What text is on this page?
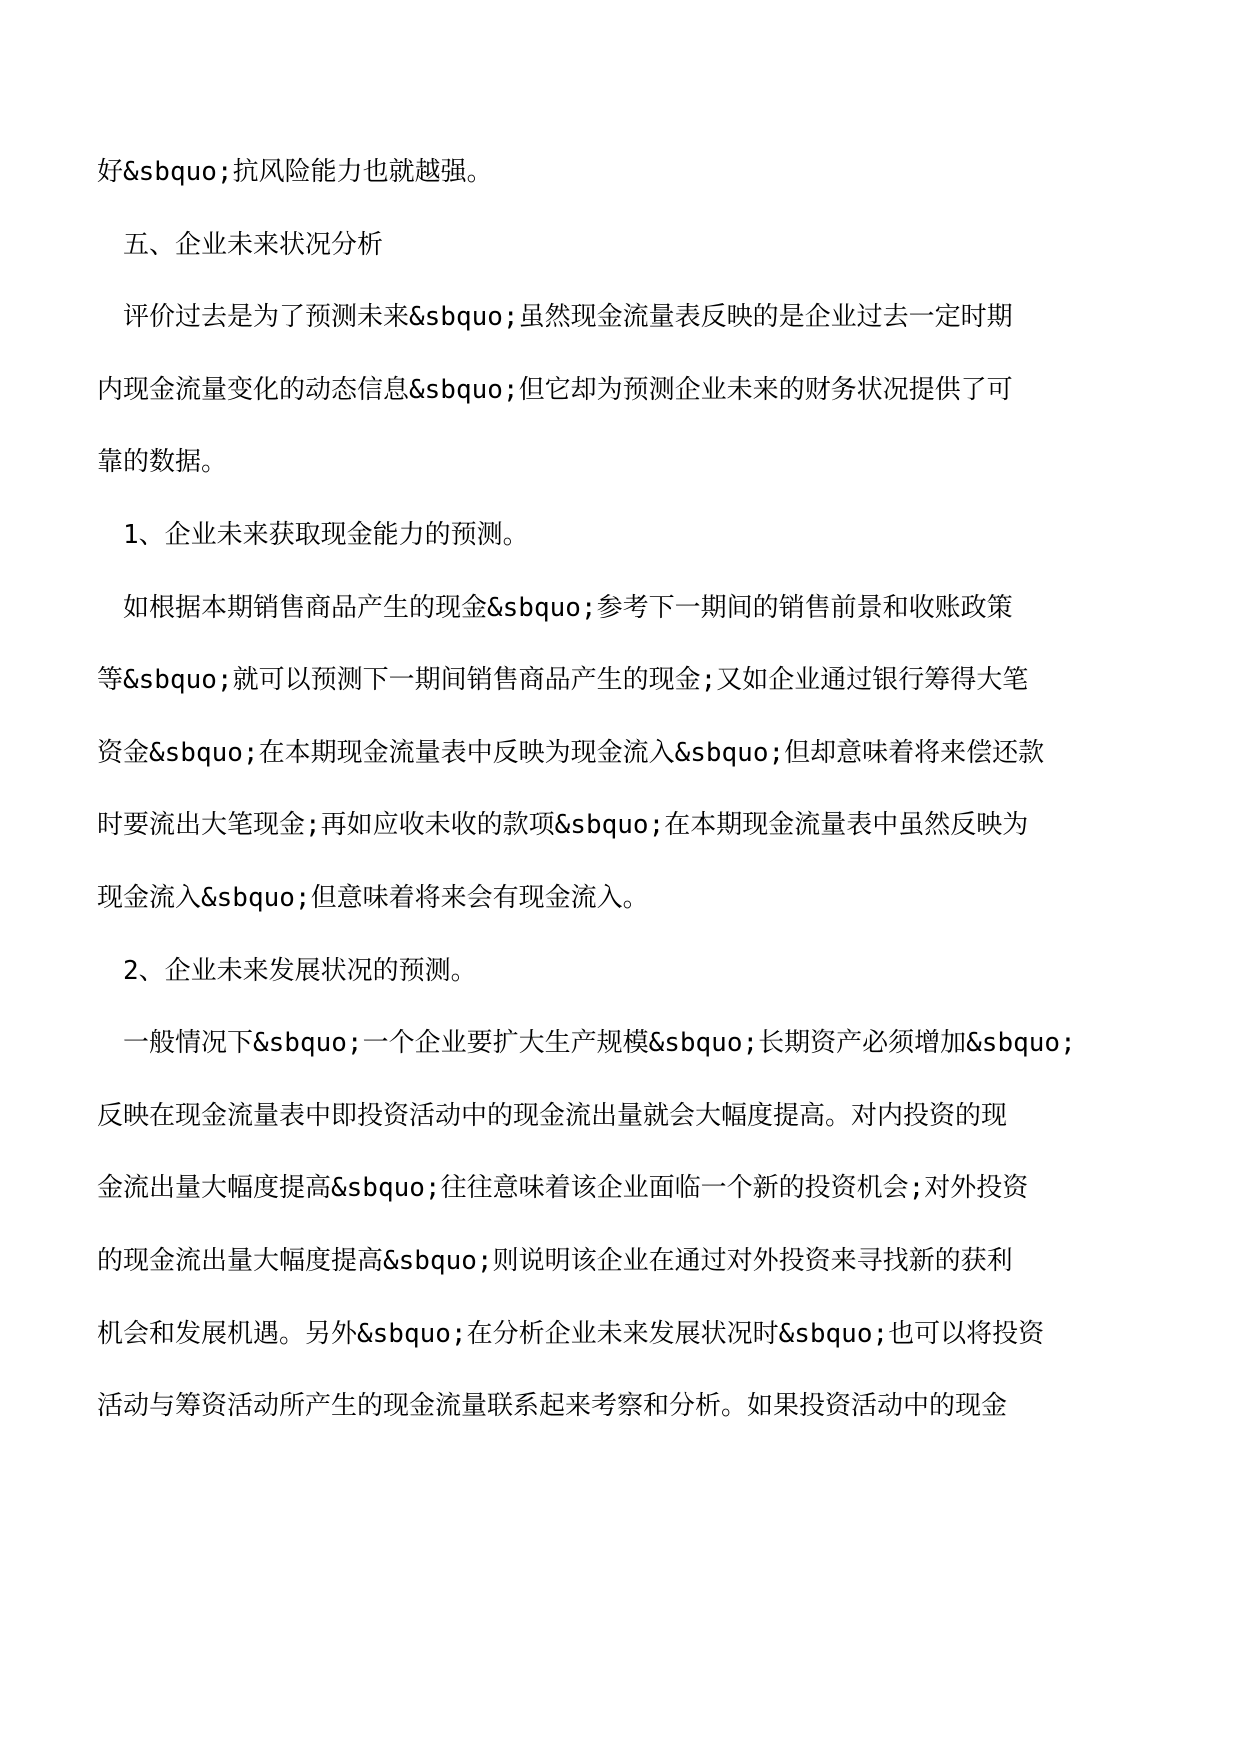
好&sbquo;抗风险能力也就越强。
五、企业未来状况分析
评价过去是为了预测未来&sbquo;虽然现金流量表反映的是企业过去一定时期
内现金流量变化的动态信息&sbquo;但它却为预测企业未来的财务状况提供了可
靠的数据。
1、企业未来获取现金能力的预测。
如根据本期销售商品产生的现金&sbquo;参考下一期间的销售前景和收账政策
等&sbquo;就可以预测下一期间销售商品产生的现金;又如企业通过银行筹得大笔
资金&sbquo;在本期现金流量表中反映为现金流入&sbquo;但却意味着将来偿还款
时要流出大笔现金;再如应收未收的款项&sbquo;在本期现金流量表中虽然反映为
现金流入&sbquo;但意味着将来会有现金流入。
2、企业未来发展状况的预测。
一般情况下&sbquo;一个企业要扩大生产规模&sbquo;长期资产必须增加&sbquo;
反映在现金流量表中即投资活动中的现金流出量就会大幅度提高。对内投资的现
金流出量大幅度提高&sbquo;往往意味着该企业面临一个新的投资机会;对外投资
的现金流出量大幅度提高&sbquo;则说明该企业在通过对外投资来寻找新的获利
机会和发展机遇。另外&sbquo;在分析企业未来发展状况时&sbquo;也可以将投资
活动与筹资活动所产生的现金流量联系起来考察和分析。如果投资活动中的现金
